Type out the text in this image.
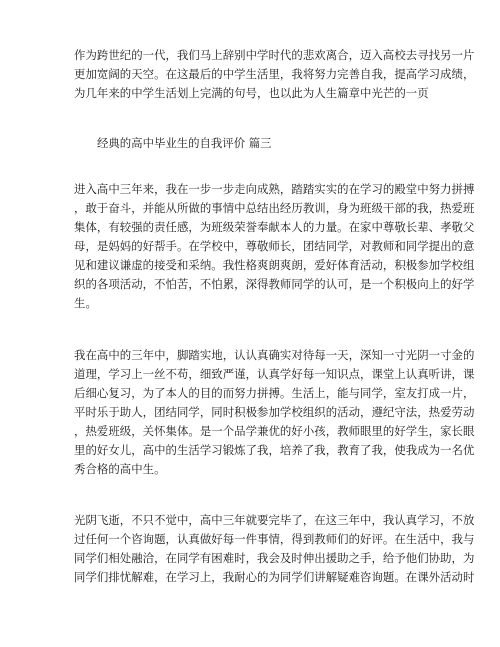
作为跨世纪的一代，我们马上辞别中学时代的悲欢离合，迈入高校去寻找另一片
更加宽阔的天空。在这最后的中学生活里，我将努力完善自我，提高学习成绩，
为几年来的中学生活划上完满的句号，也以此为人生篇章中光芒的一页
经典的高中毕业生的自我评价 篇三
进入高中三年来，我在一步一步走向成熟，踏踏实实的在学习的殿堂中努力拼搏
，敢于奋斗，并能从所做的事情中总结出经历教训，身为班级干部的我，热爱班
集体，有较强的责任感，为班级荣誉奉献本人的力量。在家中尊敬长辈、孝敬父
母，是妈妈的好帮手。在学校中，尊敬师长，团结同学，对教师和同学提出的意
见和建议谦虚的接受和采纳。我性格爽朗爽朗，爱好体育活动，积极参加学校组
织的各项活动，不怕苦，不怕累，深得教师同学的认可，是一个积极向上的好学
生。
我在高中的三年中，脚踏实地，认认真确实对待每一天，深知一寸光阴一寸金的
道理，学习上一丝不苟，细致严谨，认真学好每一知识点，课堂上认真听讲，课
后细心复习，为了本人的目的而努力拼搏。生活上，能与同学，室友打成一片，
平时乐于助人，团结同学，同时积极参加学校组织的活动，遵纪守法，热爱劳动
，热爱班级，关怀集体。是一个品学兼优的好小孩，教师眼里的好学生，家长眼
里的好女儿，高中的生活学习锻炼了我，培养了我，教育了我，使我成为一名优
秀合格的高中生。
光阴飞逝，不只不觉中，高中三年就要完毕了，在这三年中，我认真学习，不放
过任何一个咨询题，认真做好每一件事情，得到教师们的好评。在生活中，我与
同学们相处融洽，在同学有困难时，我会及时伸出援助之手，给予他们协助，为
同学们排忧解难，在学习上，我耐心的为同学们讲解疑难咨询题。在课外活动时
